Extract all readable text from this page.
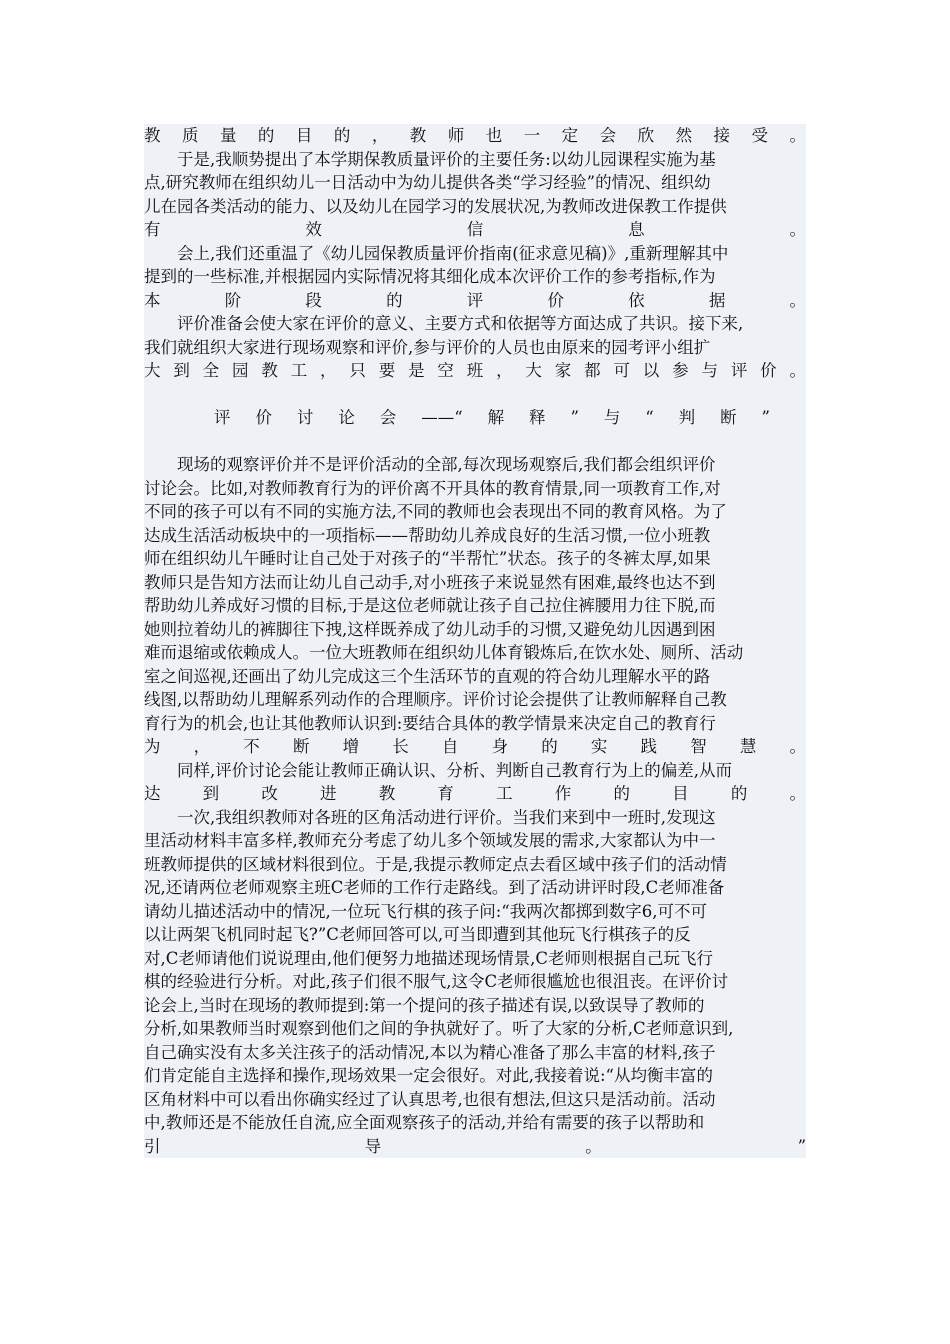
教质量的目的，教师也一定会欣然接受。
于是,我顺势提出了本学期保教质量评价的主要任务:以幼儿园课程实施为基
点,研究教师在组织幼儿一日活动中为幼儿提供各类“学习经验”的情况、组织幼
儿在园各类活动的能力、以及幼儿在园学习的发展状况,为教师改进保教工作提供
有效信息。
会上,我们还重温了《幼儿园保教质量评价指南(征求意见稿)》,重新理解其中
提到的一些标准,并根据园内实际情况将其细化成本次评价工作的参考指标,作为
本阶段的评价依据。
评价准备会使大家在评价的意义、主要方式和依据等方面达成了共识。接下来,
我们就组织大家进行现场观察和评价,参与评价的人员也由原来的园考评小组扩
大到全园教工，只要是空班，大家都可以参与评价。
评价讨论会——“解释”与“判断”
现场的观察评价并不是评价活动的全部,每次现场观察后,我们都会组织评价
讨论会。比如,对教师教育行为的评价离不开具体的教育情景,同一项教育工作,对
不同的孩子可以有不同的实施方法,不同的教师也会表现出不同的教育风格。为了
达成生活活动板块中的一项指标——帮助幼儿养成良好的生活习惯,一位小班教
师在组织幼儿午睡时让自己处于对孩子的“半帮忙”状态。孩子的冬裤太厚,如果
教师只是告知方法而让幼儿自己动手,对小班孩子来说显然有困难,最终也达不到
帮助幼儿养成好习惯的目标,于是这位老师就让孩子自己拉住裤腰用力往下脱,而
她则拉着幼儿的裤脚往下拽,这样既养成了幼儿动手的习惯,又避免幼儿因遇到困
难而退缩或依赖成人。一位大班教师在组织幼儿体育锻炼后,在饮水处、厕所、活动
室之间巡视,还画出了幼儿完成这三个生活环节的直观的符合幼儿理解水平的路
线图,以帮助幼儿理解系列动作的合理顺序。评价讨论会提供了让教师解释自己教
育行为的机会,也让其他教师认识到:要结合具体的教学情景来决定自己的教育行
为，不断增长自身的实践智慧。
同样,评价讨论会能让教师正确认识、分析、判断自己教育行为上的偏差,从而
达到改进教育工作的目的。
一次,我组织教师对各班的区角活动进行评价。当我们来到中一班时,发现这
里活动材料丰富多样,教师充分考虑了幼儿多个领域发展的需求,大家都认为中一
班教师提供的区域材料很到位。于是,我提示教师定点去看区域中孩子们的活动情
况,还请两位老师观察主班C老师的工作行走路线。到了活动讲评时段,C老师准备
请幼儿描述活动中的情况,一位玩飞行棋的孩子问:“我两次都掷到数字6,可不可
以让两架飞机同时起飞?”C老师回答可以,可当即遭到其他玩飞行棋孩子的反
对,C老师请他们说说理由,他们便努力地描述现场情景,C老师则根据自己玩飞行
棋的经验进行分析。对此,孩子们很不服气,这令C老师很尴尬也很沮丧。在评价讨
论会上,当时在现场的教师提到:第一个提问的孩子描述有误,以致误导了教师的
分析,如果教师当时观察到他们之间的争执就好了。听了大家的分析,C老师意识到,
自己确实没有太多关注孩子的活动情况,本以为精心准备了那么丰富的材料,孩子
们肯定能自主选择和操作,现场效果一定会很好。对此,我接着说:“从均衡丰富的
区角材料中可以看出你确实经过了认真思考,也很有想法,但这只是活动前。活动
中,教师还是不能放任自流,应全面观察孩子的活动,并给有需要的孩子以帮助和
引导。”
